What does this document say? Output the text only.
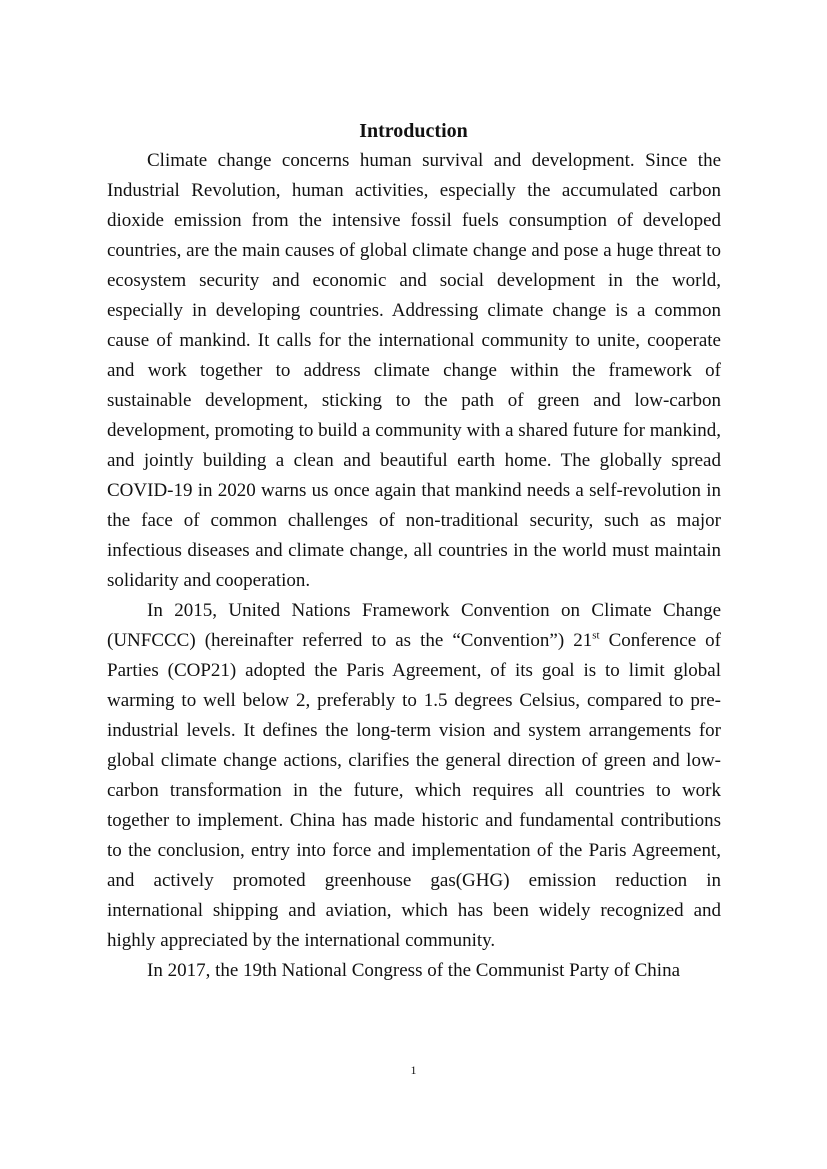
Introduction

Climate change concerns human survival and development. Since the Industrial Revolution, human activities, especially the accumulated carbon dioxide emission from the intensive fossil fuels consumption of developed countries, are the main causes of global climate change and pose a huge threat to ecosystem security and economic and social development in the world, especially in developing countries. Addressing climate change is a common cause of mankind. It calls for the international community to unite, cooperate and work together to address climate change within the framework of sustainable development, sticking to the path of green and low-carbon development, promoting to build a community with a shared future for mankind, and jointly building a clean and beautiful earth home. The globally spread COVID-19 in 2020 warns us once again that mankind needs a self-revolution in the face of common challenges of non-traditional security, such as major infectious diseases and climate change, all countries in the world must maintain solidarity and cooperation.

In 2015, United Nations Framework Convention on Climate Change (UNFCCC) (hereinafter referred to as the “Convention”) 21st Conference of Parties (COP21) adopted the Paris Agreement, of its goal is to limit global warming to well below 2, preferably to 1.5 degrees Celsius, compared to pre-industrial levels. It defines the long-term vision and system arrangements for global climate change actions, clarifies the general direction of green and low-carbon transformation in the future, which requires all countries to work together to implement. China has made historic and fundamental contributions to the conclusion, entry into force and implementation of the Paris Agreement, and actively promoted greenhouse gas(GHG) emission reduction in international shipping and aviation, which has been widely recognized and highly appreciated by the international community.

In 2017, the 19th National Congress of the Communist Party of China

1
